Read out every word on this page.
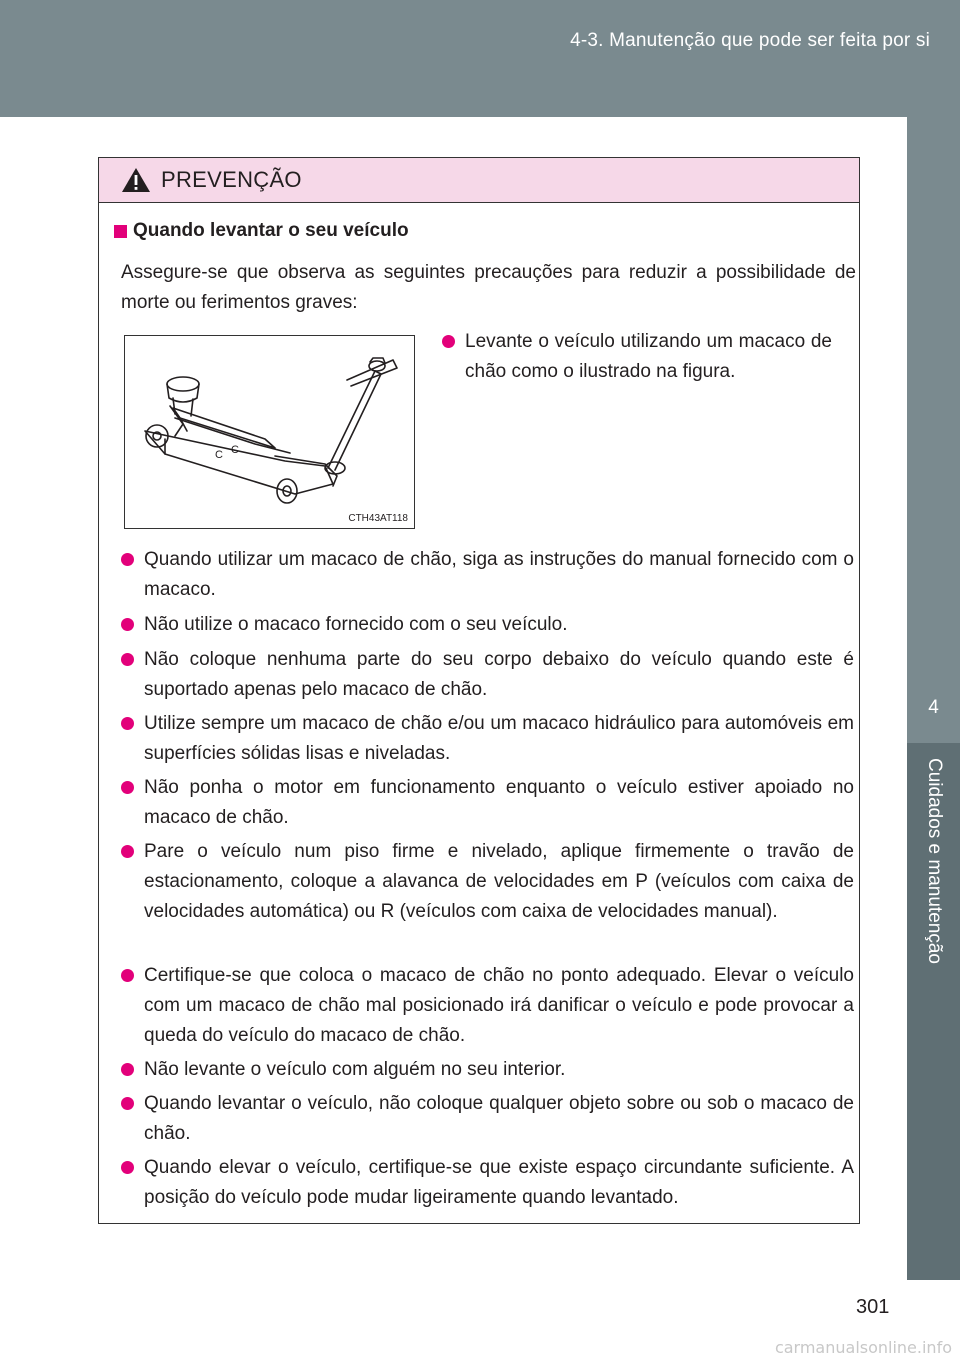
4-3. Manutenção que pode ser feita por si
4
Cuidados e manutenção
PREVENÇÃO
Quando levantar o seu veículo
Assegure-se que observa as seguintes precauções para reduzir a possibilidade de morte ou ferimentos graves:
C C
CTH43AT118
Levante o veículo utilizando um macaco de chão como o ilustrado na figura.
Quando utilizar um macaco de chão, siga as instruções do manual fornecido com o macaco.
Não utilize o macaco fornecido com o seu veículo.
Não coloque nenhuma parte do seu corpo debaixo do veículo quando este é suportado apenas pelo macaco de chão.
Utilize sempre um macaco de chão e/ou um macaco hidráulico para automóveis em superfícies sólidas lisas e niveladas.
Não ponha o motor em funcionamento enquanto o veículo estiver apoiado no macaco de chão.
Pare o veículo num piso firme e nivelado, aplique firmemente o travão de estacionamento, coloque a alavanca de velocidades em P (veículos com caixa de velocidades automática) ou R (veículos com caixa de velocidades manual).
Certifique-se que coloca o macaco de chão no ponto adequado. Elevar o veículo com um macaco de chão mal posicionado irá danificar o veículo e pode provocar a queda do veículo do macaco de chão.
Não levante o veículo com alguém no seu interior.
Quando levantar o veículo, não coloque qualquer objeto sobre ou sob o macaco de chão.
Quando elevar o veículo, certifique-se que existe espaço circundante suficiente. A posição do veículo pode mudar ligeiramente quando levantado.
301
carmanualsonline.info
